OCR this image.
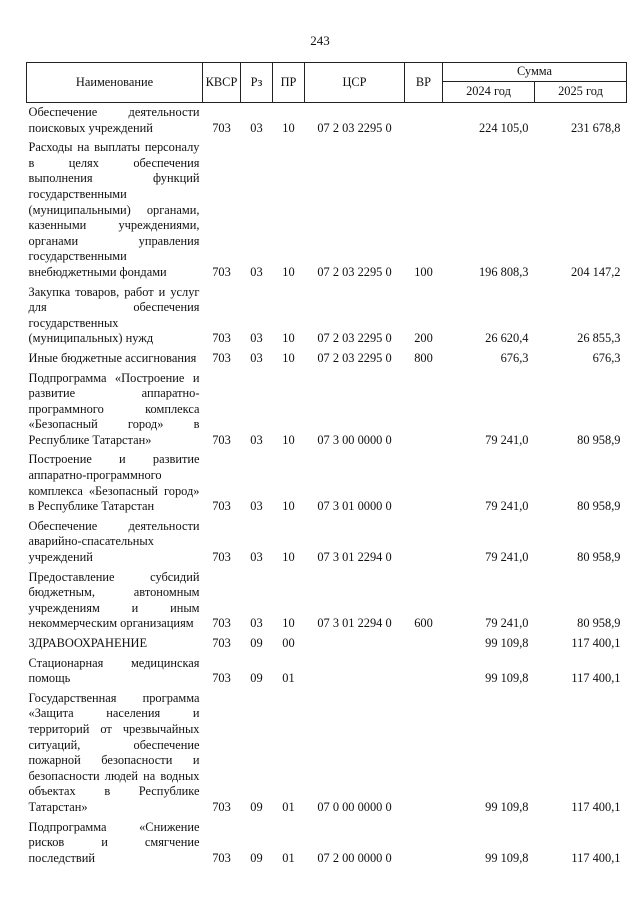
243
Наименование	КВСР	Рз	ПР	ЦСР	ВР	Сумма	
						2024 год	2025 год
Обеспечение деятельности поисковых учреждений	703	03	10	07 2 03 2295 0		224 105,0	231 678,8
Расходы на выплаты персоналу в целях обеспечения выполнения функций государственными (муниципальными) органами, казенными учреждениями, органами управления государственными внебюджетными фондами	703	03	10	07 2 03 2295 0	100	196 808,3	204 147,2
Закупка товаров, работ и услуг для обеспечения государственных (муниципальных) нужд	703	03	10	07 2 03 2295 0	200	26 620,4	26 855,3
Иные бюджетные ассигнования	703	03	10	07 2 03 2295 0	800	676,3	676,3
Подпрограмма «Построение и развитие аппаратно-программного комплекса «Безопасный город» в Республике Татарстан»	703	03	10	07 3 00 0000 0		79 241,0	80 958,9
Построение и развитие аппаратно-программного комплекса «Безопасный город» в Республике Татарстан	703	03	10	07 3 01 0000 0		79 241,0	80 958,9
Обеспечение деятельности аварийно-спасательных учреждений	703	03	10	07 3 01 2294 0		79 241,0	80 958,9
Предоставление субсидий бюджетным, автономным учреждениям и иным некоммерческим организациям	703	03	10	07 3 01 2294 0	600	79 241,0	80 958,9
ЗДРАВООХРАНЕНИЕ	703	09	00			99 109,8	117 400,1
Стационарная медицинская помощь	703	09	01			99 109,8	117 400,1
Государственная программа «Защита населения и территорий от чрезвычайных ситуаций, обеспечение пожарной безопасности и безопасности людей на водных объектах в Республике Татарстан»	703	09	01	07 0 00 0000 0		99 109,8	117 400,1
Подпрограмма «Снижение рисков и смягчение последствий	703	09	01	07 2 00 0000 0		99 109,8	117 400,1
